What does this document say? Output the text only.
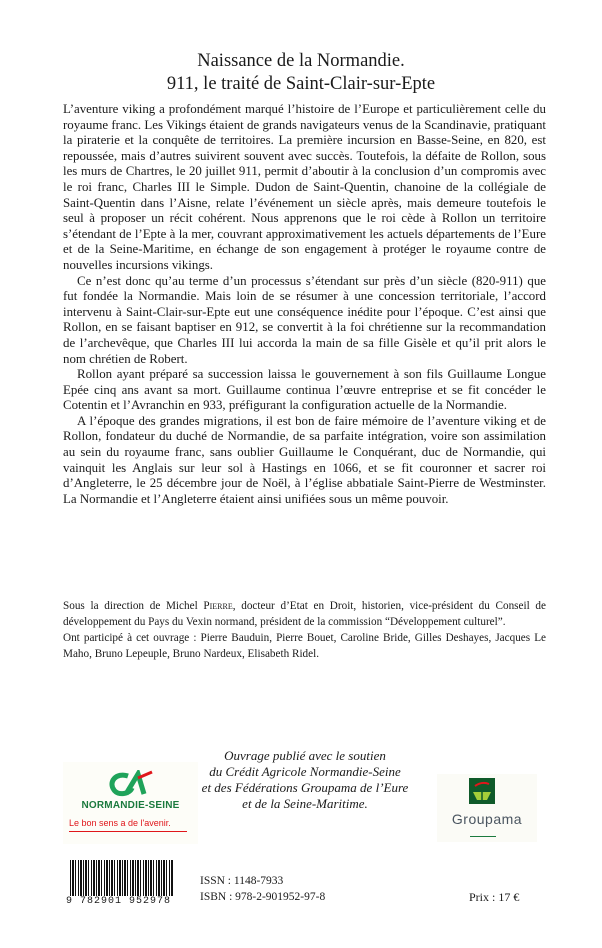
Naissance de la Normandie.
911, le traité de Saint-Clair-sur-Epte

L’aventure viking a profondément marqué l’histoire de l’Europe et particulièrement celle du royaume franc. Les Vikings étaient de grands navigateurs venus de la Scandinavie, pratiquant la piraterie et la conquête de territoires. La première incursion en Basse-Seine, en 820, est repoussée, mais d’autres suivirent souvent avec succès. Toutefois, la défaite de Rollon, sous les murs de Chartres, le 20 juillet 911, permit d’aboutir à la conclusion d’un compromis avec le roi franc, Charles III le Simple. Dudon de Saint-Quentin, chanoine de la collégiale de Saint-Quentin dans l’Aisne, relate l’événement un siècle après, mais demeure toutefois le seul à proposer un récit cohérent. Nous apprenons que le roi cède à Rollon un territoire s’étendant de l’Epte à la mer, couvrant approximativement les actuels départements de l’Eure et de la Seine-Maritime, en échange de son engagement à protéger le royaume contre de nouvelles incursions vikings.

Ce n’est donc qu’au terme d’un processus s’étendant sur près d’un siècle (820-911) que fut fondée la Normandie. Mais loin de se résumer à une concession territoriale, l’accord intervenu à Saint-Clair-sur-Epte eut une conséquence inédite pour l’époque. C’est ainsi que Rollon, en se faisant baptiser en 912, se convertit à la foi chrétienne sur la recommandation de l’archevêque, que Charles III lui accorda la main de sa fille Gisèle et qu’il prit alors le nom chrétien de Robert.

Rollon ayant préparé sa succession laissa le gouvernement à son fils Guillaume Longue Epée cinq ans avant sa mort. Guillaume continua l’œuvre entreprise et se fit concéder le Cotentin et l’Avranchin en 933, préfigurant la configuration actuelle de la Normandie.

A l’époque des grandes migrations, il est bon de faire mémoire de l’aventure viking et de Rollon, fondateur du duché de Normandie, de sa parfaite intégration, voire son assimilation au sein du royaume franc, sans oublier Guillaume le Conquérant, duc de Normandie, qui vainquit les Anglais sur leur sol à Hastings en 1066, et se fit couronner et sacrer roi d’Angleterre, le 25 décembre jour de Noël, à l’église abbatiale Saint-Pierre de Westminster. La Normandie et l’Angleterre étaient ainsi unifiées sous un même pouvoir.

Sous la direction de Michel Pierre, docteur d’Etat en Droit, historien, vice-président du Conseil de développement du Pays du Vexin normand, président de la commission “Développement culturel”.

Ont participé à cet ouvrage : Pierre Bauduin, Pierre Bouet, Caroline Bride, Gilles Deshayes, Jacques Le Maho, Bruno Lepeuple, Bruno Nardeux, Elisabeth Ridel.

NORMANDIE-SEINE
Le bon sens a de l'avenir.
Ouvrage publié avec le soutien
du Crédit Agricole Normandie-Seine
et des Fédérations Groupama de l’Eure
et de la Seine-Maritime.
Groupama
9 782901 952978
ISSN : 1148-7933
ISBN : 978-2-901952-97-8	Prix : 17 €
